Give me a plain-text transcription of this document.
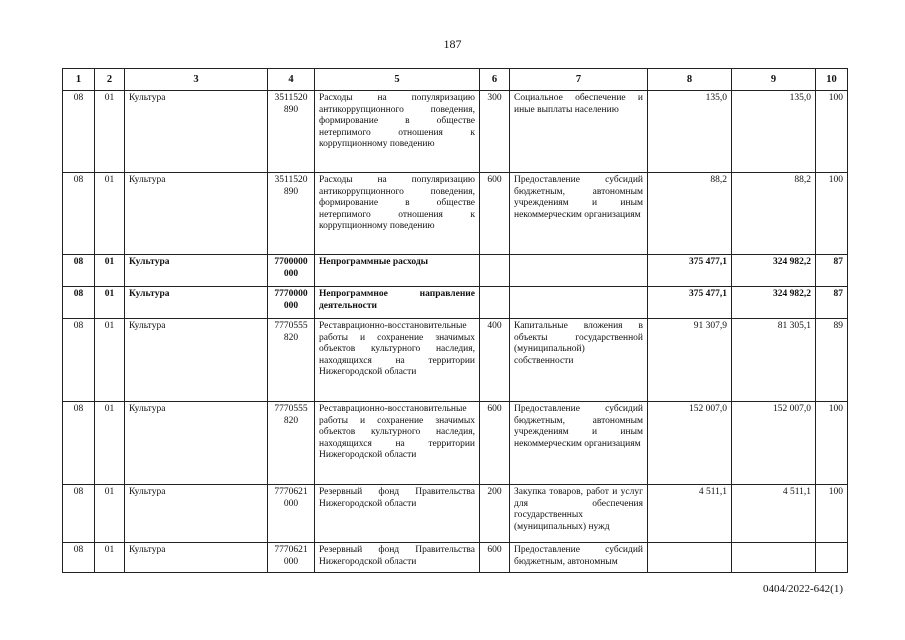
187
1	2	3	4	5	6	7	8	9	10
08	01	Культура	3511520 890	Расходы на популяризацию антикоррупционного поведения, формирование в обществе нетерпимого отношения к коррупционному поведению	300	Социальное обеспечение и иные выплаты населению	135,0	135,0	100
08	01	Культура	3511520 890	Расходы на популяризацию антикоррупционного поведения, формирование в обществе нетерпимого отношения к коррупционному поведению	600	Предоставление субсидий бюджетным, автономным учреждениям и иным некоммерческим организациям	88,2	88,2	100
08	01	Культура	7700000 000	Непрограммные расходы			375 477,1	324 982,2	87
08	01	Культура	7770000 000	Непрограммное направление деятельности			375 477,1	324 982,2	87
08	01	Культура	7770555 820	Реставрационно-восстановительные работы и сохранение значимых объектов культурного наследия, находящихся на территории Нижегородской области	400	Капитальные вложения в объекты государственной (муниципальной) собственности	91 307,9	81 305,1	89
08	01	Культура	7770555 820	Реставрационно-восстановительные работы и сохранение значимых объектов культурного наследия, находящихся на территории Нижегородской области	600	Предоставление субсидий бюджетным, автономным учреждениям и иным некоммерческим организациям	152 007,0	152 007,0	100
08	01	Культура	7770621 000	Резервный фонд Правительства Нижегородской области	200	Закупка товаров, работ и услуг для обеспечения государственных (муниципальных) нужд	4 511,1	4 511,1	100
08	01	Культура	7770621 000	Резервный фонд Правительства Нижегородской области	600	Предоставление субсидий бюджетным, автономным			
0404/2022-642(1)
